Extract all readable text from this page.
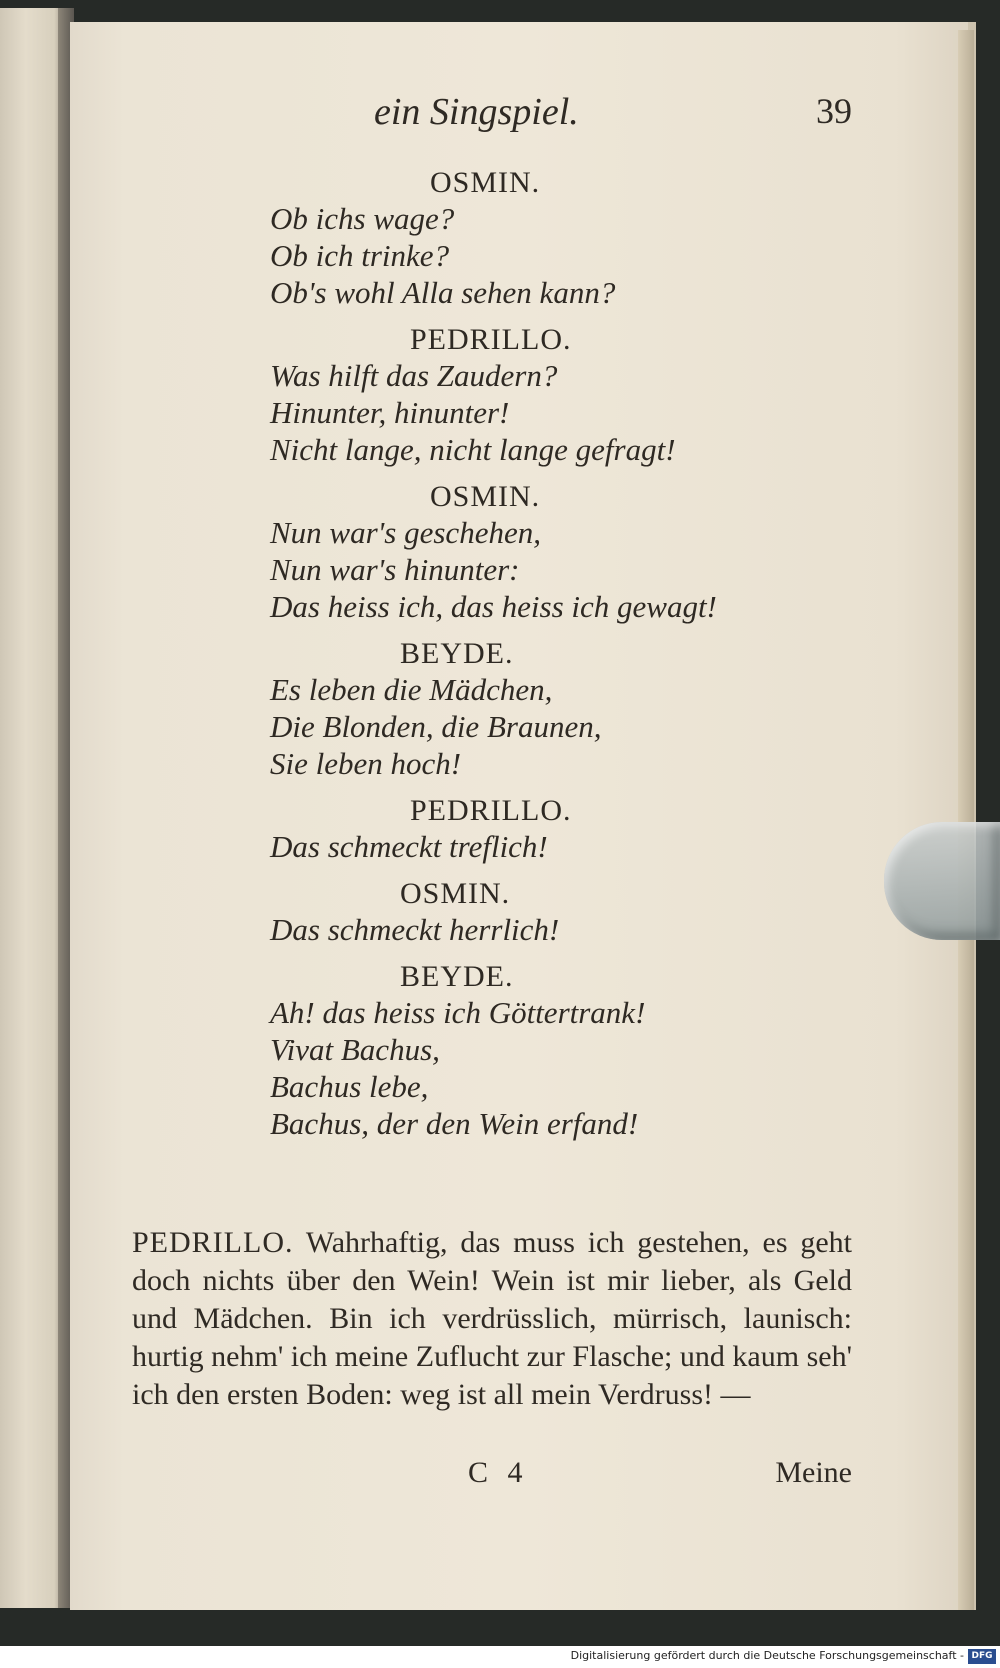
ein Singspiel.	39
OSMIN.
Ob ichs wage?
Ob ich trinke?
Ob's wohl Alla sehen kann?
PEDRILLO.
Was hilft das Zaudern?
Hinunter, hinunter!
Nicht lange, nicht lange gefragt!
OSMIN.
Nun war's geschehen,
Nun war's hinunter:
Das heiss ich, das heiss ich gewagt!
BEYDE.
Es leben die Mädchen,
Die Blonden, die Braunen,
Sie leben hoch!
PEDRILLO.
Das schmeckt treflich!
OSMIN.
Das schmeckt herrlich!
BEYDE.
Ah! das heiss ich Göttertrank!
Vivat Bachus,
Bachus lebe,
Bachus, der den Wein erfand!
PEDRILLO. Wahrhaftig, das muss ich gestehen, es geht doch nichts über den Wein! Wein ist mir lieber, als Geld und Mädchen. Bin ich verdrüsslich, mürrisch, launisch: hurtig nehm' ich meine Zuflucht zur Flasche; und kaum seh' ich den ersten Boden: weg ist all mein Verdruss! —
C 4	Meine
Digitalisierung gefördert durch die Deutsche Forschungsgemeinschaft - DFG
